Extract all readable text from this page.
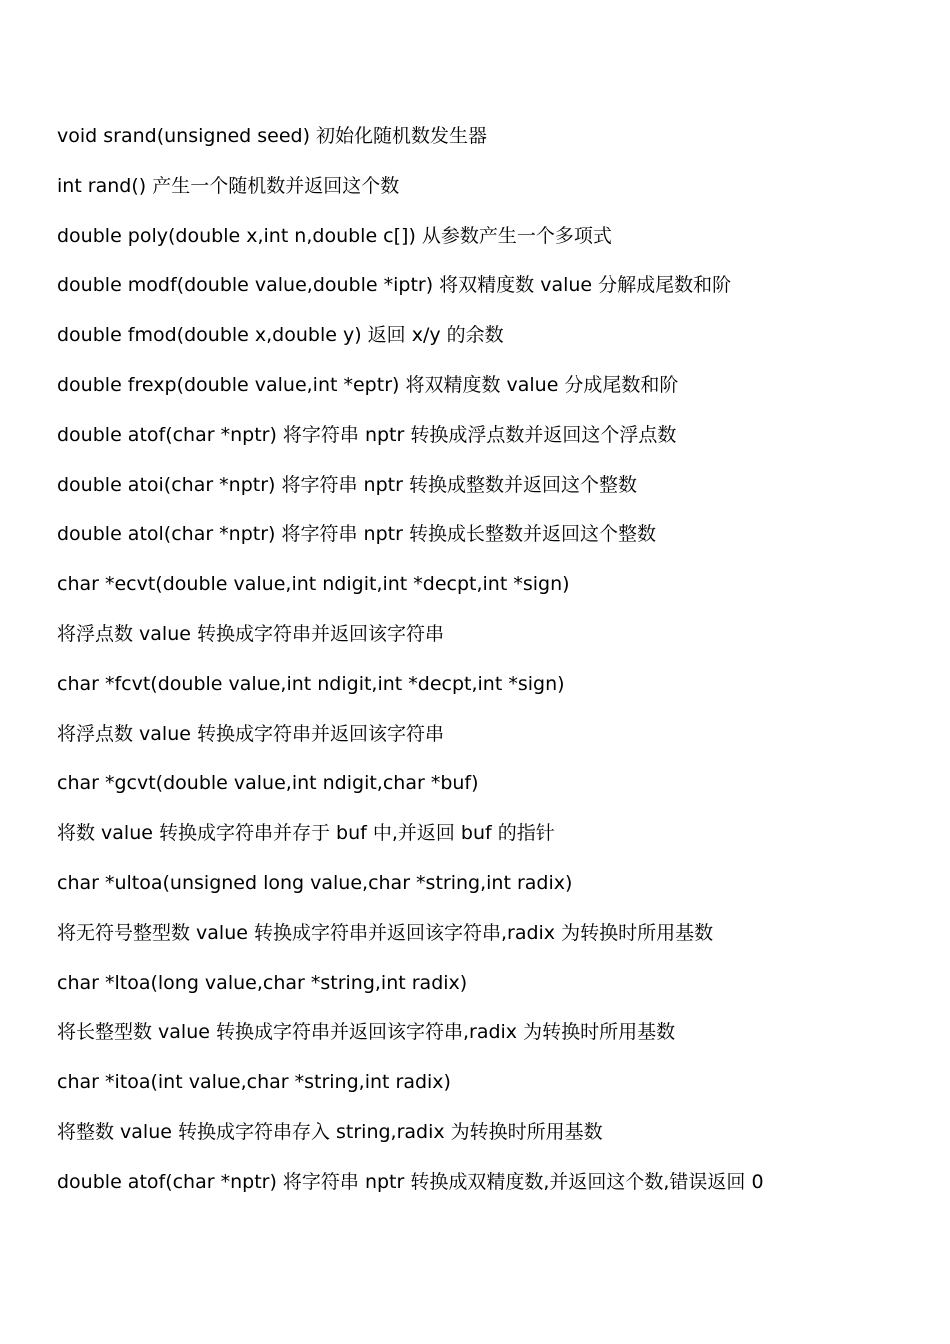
void srand(unsigned seed) 初始化随机数发生器
int rand() 产生一个随机数并返回这个数
double poly(double x,int n,double c[]) 从参数产生一个多项式
double modf(double value,double *iptr) 将双精度数 value 分解成尾数和阶
double fmod(double x,double y) 返回 x/y 的余数
double frexp(double value,int *eptr) 将双精度数 value 分成尾数和阶
double atof(char *nptr) 将字符串 nptr 转换成浮点数并返回这个浮点数
double atoi(char *nptr) 将字符串 nptr 转换成整数并返回这个整数
double atol(char *nptr) 将字符串 nptr 转换成长整数并返回这个整数
char *ecvt(double value,int ndigit,int *decpt,int *sign)
将浮点数 value 转换成字符串并返回该字符串
char *fcvt(double value,int ndigit,int *decpt,int *sign)
将浮点数 value 转换成字符串并返回该字符串
char *gcvt(double value,int ndigit,char *buf)
将数 value 转换成字符串并存于 buf 中,并返回 buf 的指针
char *ultoa(unsigned long value,char *string,int radix)
将无符号整型数 value 转换成字符串并返回该字符串,radix 为转换时所用基数
char *ltoa(long value,char *string,int radix)
将长整型数 value 转换成字符串并返回该字符串,radix 为转换时所用基数
char *itoa(int value,char *string,int radix)
将整数 value 转换成字符串存入 string,radix 为转换时所用基数
double atof(char *nptr) 将字符串 nptr 转换成双精度数,并返回这个数,错误返回 0
